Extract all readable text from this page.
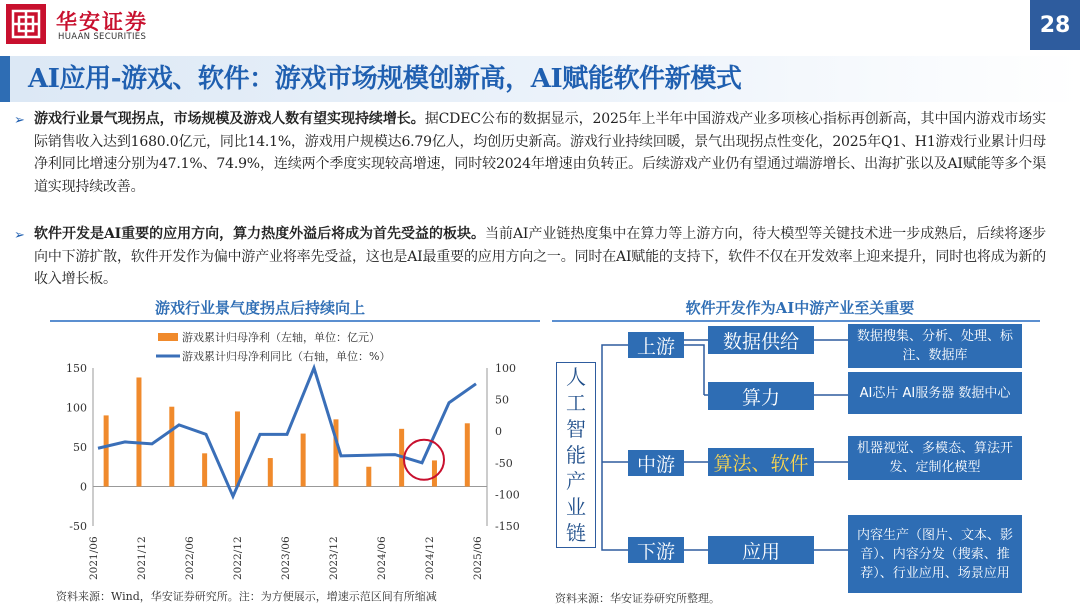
华安证券
HUAAN SECURITIES	28
AI应用-游戏、软件：游戏市场规模创新高，AI赋能软件新模式
➢ 游戏行业景气现拐点，市场规模及游戏人数有望实现持续增长。据CDEC公布的数据显示，2025年上半年中国游戏产业多项核心指标再创新高，其中国内游戏市场实际销售收入达到1680.0亿元，同比14.1%，游戏用户规模达6.79亿人，均创历史新高。游戏行业持续回暖，景气出现拐点性变化，2025年Q1、H1游戏行业累计归母净利同比增速分别为47.1%、74.9%，连续两个季度实现较高增速，同时较2024年增速由负转正。后续游戏产业仍有望通过端游增长、出海扩张以及AI赋能等多个渠道实现持续改善。
➢ 软件开发是AI重要的应用方向，算力热度外溢后将成为首先受益的板块。当前AI产业链热度集中在算力等上游方向，待大模型等关键技术进一步成熟后，后续将逐步向中下游扩散，软件开发作为偏中游产业将率先受益，这也是AI最重要的应用方向之一。同时在AI赋能的支持下，软件不仅在开发效率上迎来提升，同时也将成为新的收入增长板。
游戏行业景气度拐点后持续向上	软件开发作为AI中游产业至关重要
游戏累计归母净利（左轴，单位：亿元）
游戏累计归母净利同比（右轴，单位：%）
150
100
50
0
-50
100
50
0
-50
-100
-150
2021/06	2021/12	2022/06	2022/12	2023/06	2023/12	2024/06	2024/12	2025/06
资料来源：Wind，华安证券研究所。注：为方便展示，增速示范区间有所缩减
人
工
智
能
产
业
链
上游
中游
下游
数据供给
算力
算法、软件
应用
数据搜集、分析、处理、标注、数据库
AI芯片 AI服务器 数据中心
机器视觉、多模态、算法开发、定制化模型
内容生产（图片、文本、影音）、内容分发（搜索、推荐）、行业应用、场景应用
资料来源：华安证券研究所整理。
